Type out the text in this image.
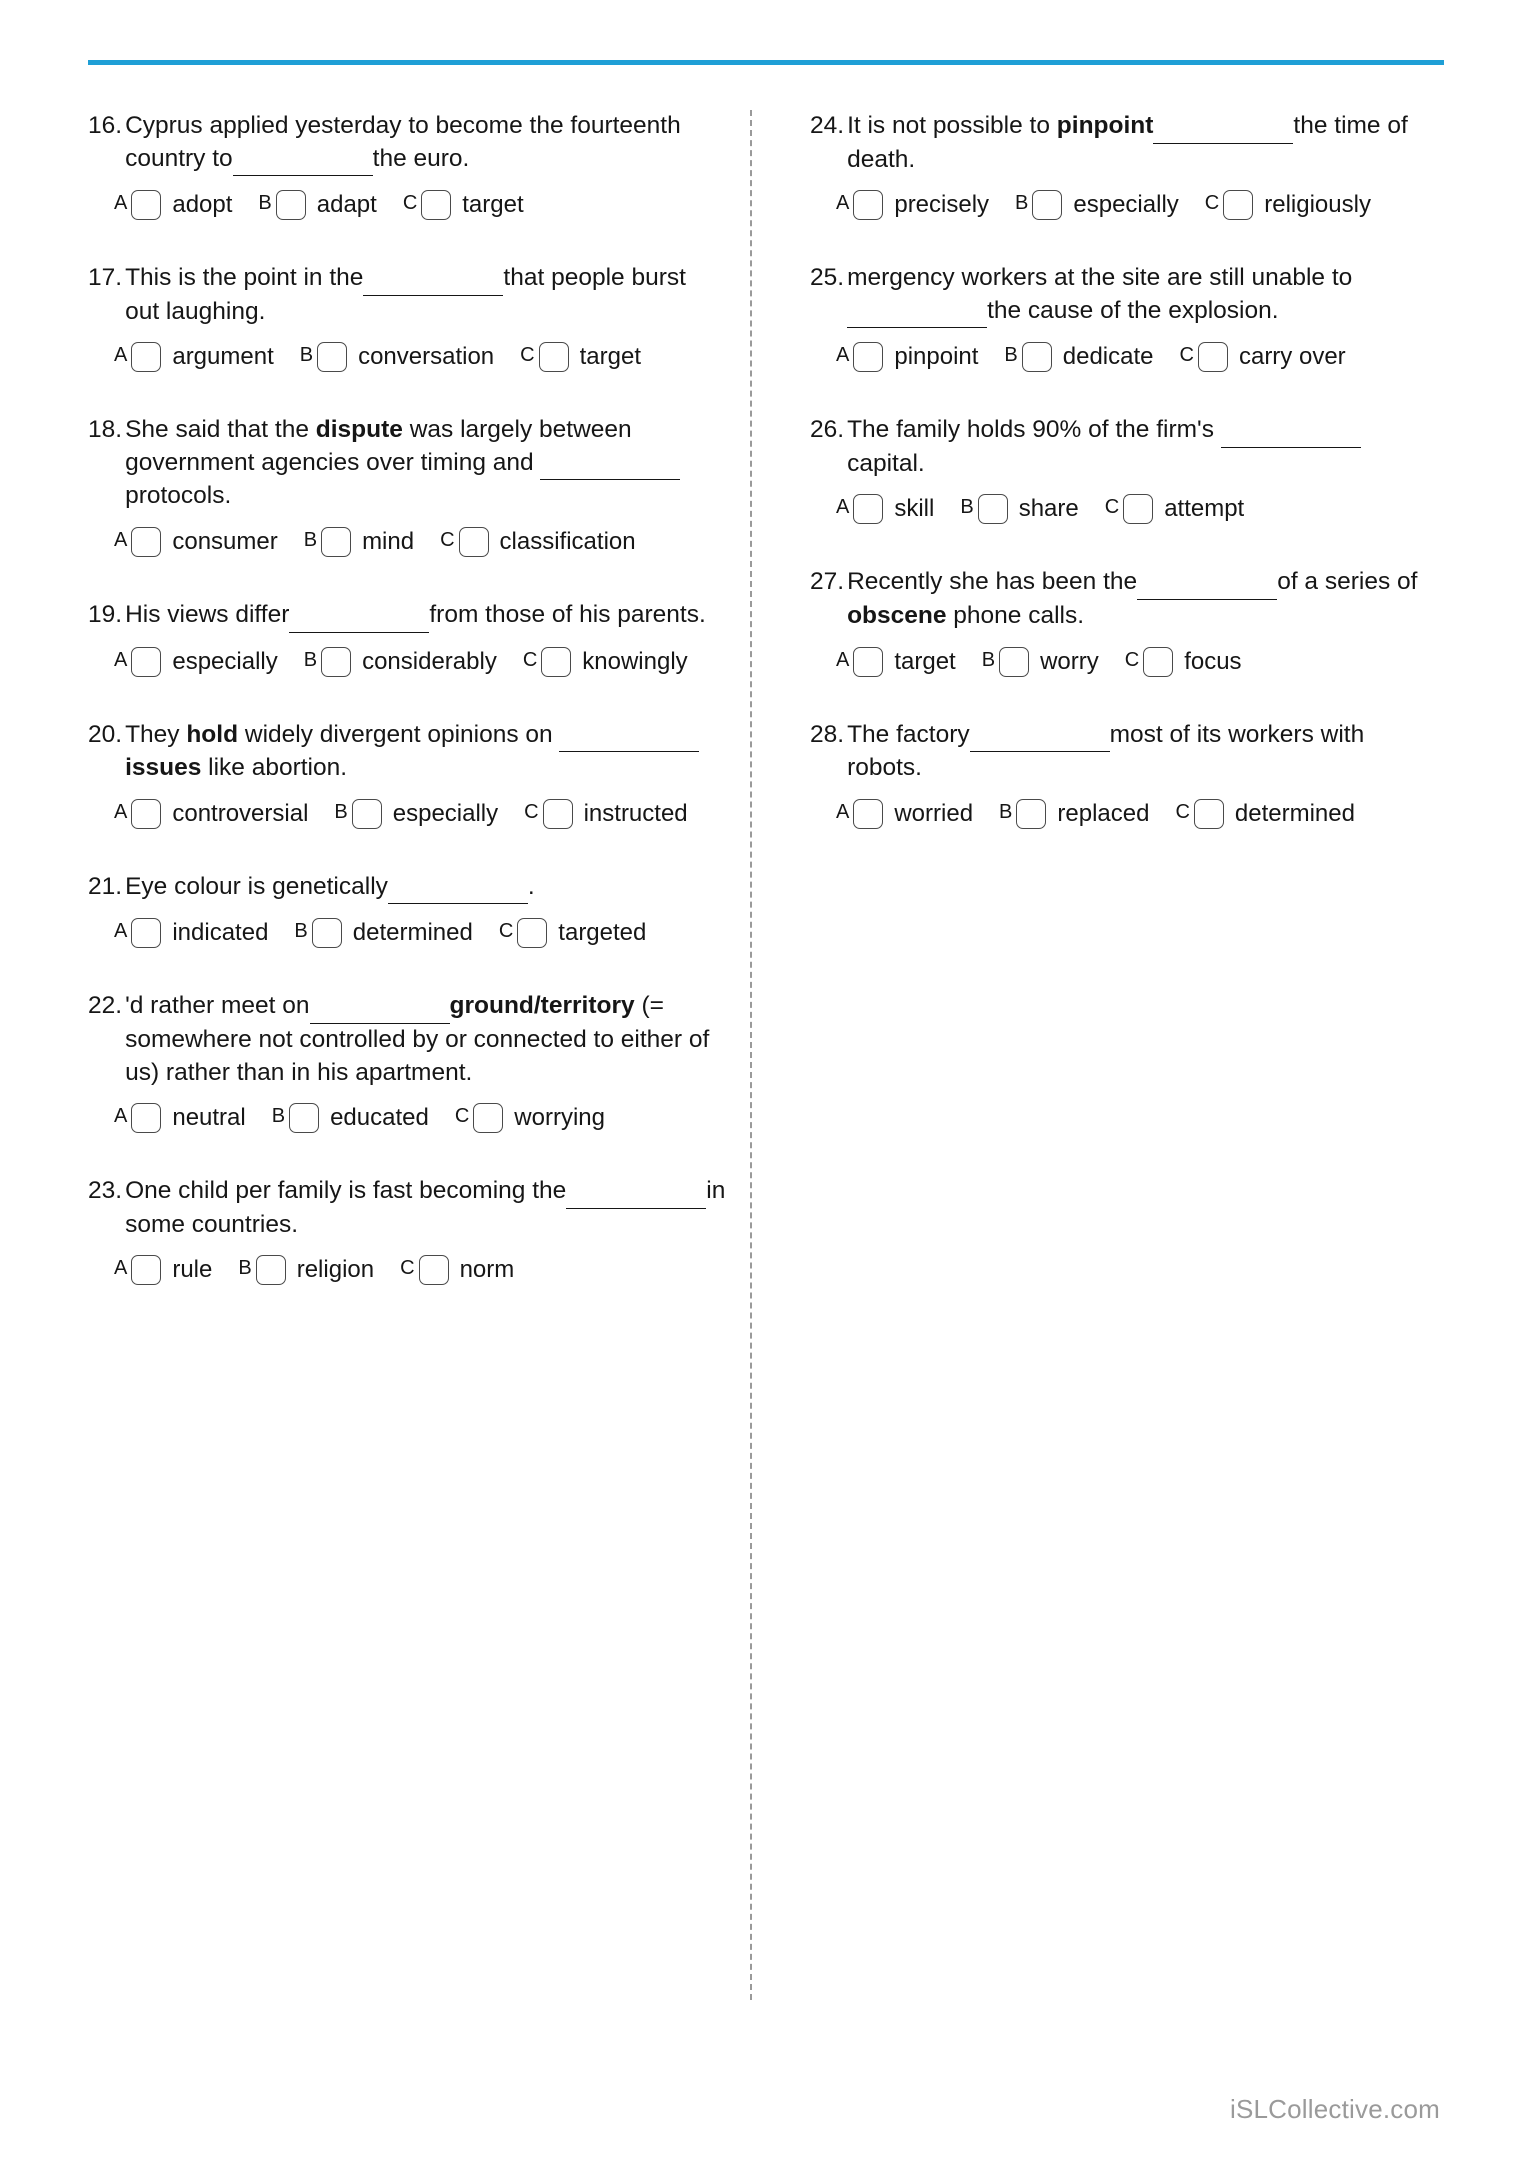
16. Cyprus applied yesterday to become the fourteenth country to	the euro.
A adopt B adapt C target
17. This is the point in the	that people burst out laughing.
A argument B conversation C target
18. She said that the dispute was largely between government agencies over timing and  protocols.
A consumer B mind C classification
19. His views differ	from those of his parents.
A especially B considerably C knowingly
20. They hold widely divergent opinions on  issues like abortion.
A controversial B especially C instructed
21. Eye colour is genetically	.
A indicated B determined C targeted
22. 'd rather meet on	ground/territory (= somewhere not controlled by or connected to either of us) rather than in his apartment.
A neutral B educated C worrying
23. One child per family is fast becoming the	in some countries.
A rule B religion C norm
24. It is not possible to pinpoint	the time of death.
A precisely B especially C religiously
25. mergency workers at the site are still unable to  the cause of the explosion.
A pinpoint B dedicate C carry over
26. The family holds 90% of the firm's   capital.
A skill B share C attempt
27. Recently she has been the	of a series of obscene phone calls.
A target B worry C focus
28. The factory	most of its workers with robots.
A worried B replaced C determined
iSLCollective.com
